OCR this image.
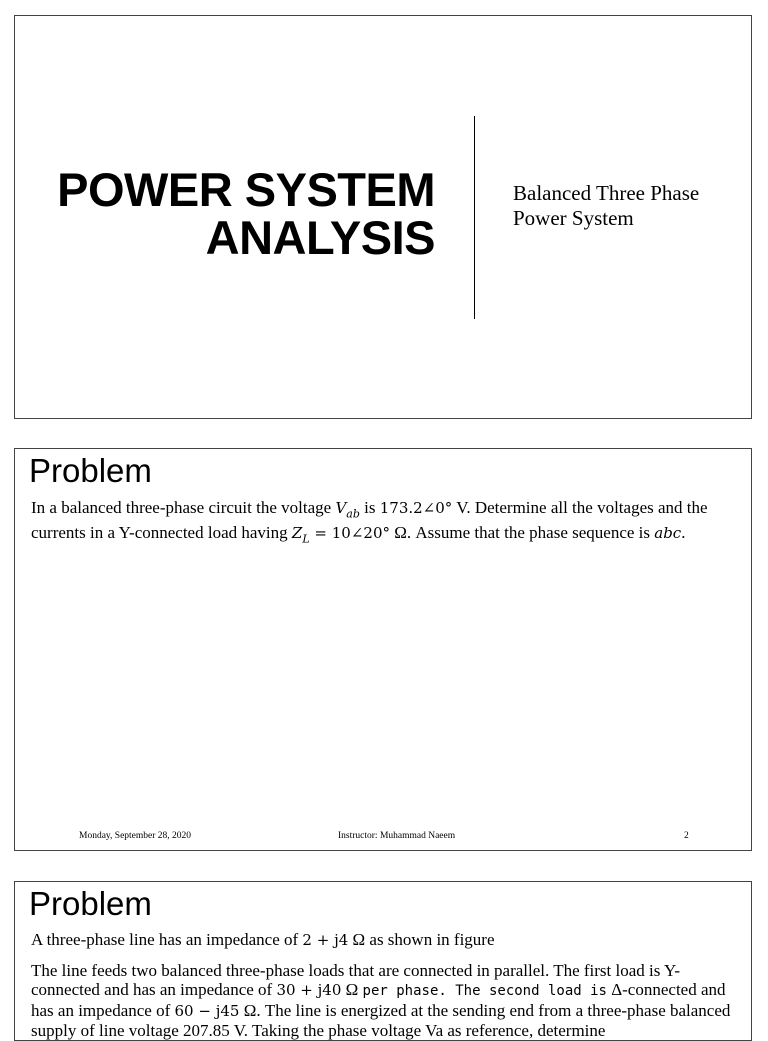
POWER SYSTEM
ANALYSIS
Balanced Three Phase
Power System
Problem
In a balanced three-phase circuit the voltage $V_{ab}$ is 173.2∠0° V. Determine all the voltages and the currents in a Y-connected load having $Z_L$ = 10∠20° Ω. Assume that the phase sequence is abc.
Monday, September 28, 2020	Instructor: Muhammad Naeem	2
Problem
A three-phase line has an impedance of 2 + j4 Ω as shown in figure
The line feeds two balanced three-phase loads that are connected in parallel. The first load is Y-connected and has an impedance of 30 + j40 Ω per phase. The second load is Δ-connected and has an impedance of 60 − j45 Ω. The line is energized at the sending end from a three-phase balanced supply of line voltage 207.85 V. Taking the phase voltage Va as reference, determine
